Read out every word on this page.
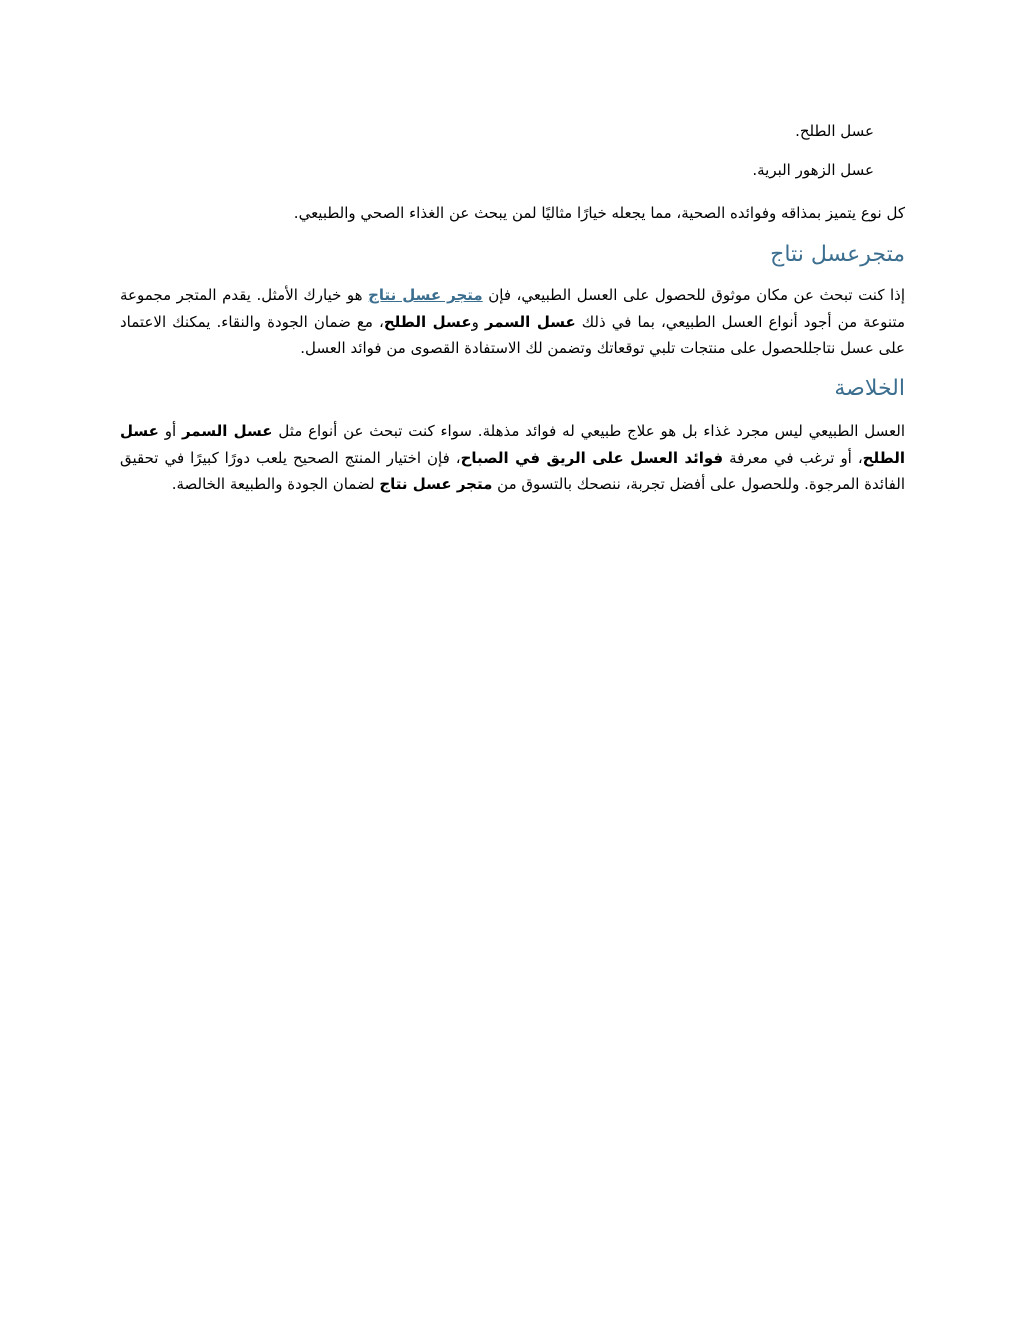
عسل الطلح.
عسل الزهور البرية.

كل نوع يتميز بمذاقه وفوائده الصحية، مما يجعله خيارًا مثاليًا لمن يبحث عن الغذاء الصحي والطبيعي.

متجرعسل نتاج

إذا كنت تبحث عن مكان موثوق للحصول على العسل الطبيعي، فإن متجر عسل نتاج هو خيارك الأمثل. يقدم المتجر مجموعة متنوعة من أجود أنواع العسل الطبيعي، بما في ذلك عسل السمر وعسل الطلح، مع ضمان الجودة والنقاء. يمكنك الاعتماد على عسل نتاجللحصول على منتجات تلبي توقعاتك وتضمن لك الاستفادة القصوى من فوائد العسل.

الخلاصة

العسل الطبيعي ليس مجرد غذاء بل هو علاج طبيعي له فوائد مذهلة. سواء كنت تبحث عن أنواع مثل عسل السمر أو عسل الطلح، أو ترغب في معرفة فوائد العسل على الريق في الصباح، فإن اختيار المنتج الصحيح يلعب دورًا كبيرًا في تحقيق الفائدة المرجوة. وللحصول على أفضل تجربة، ننصحك بالتسوق من متجر عسل نتاج لضمان الجودة والطبيعة الخالصة.
